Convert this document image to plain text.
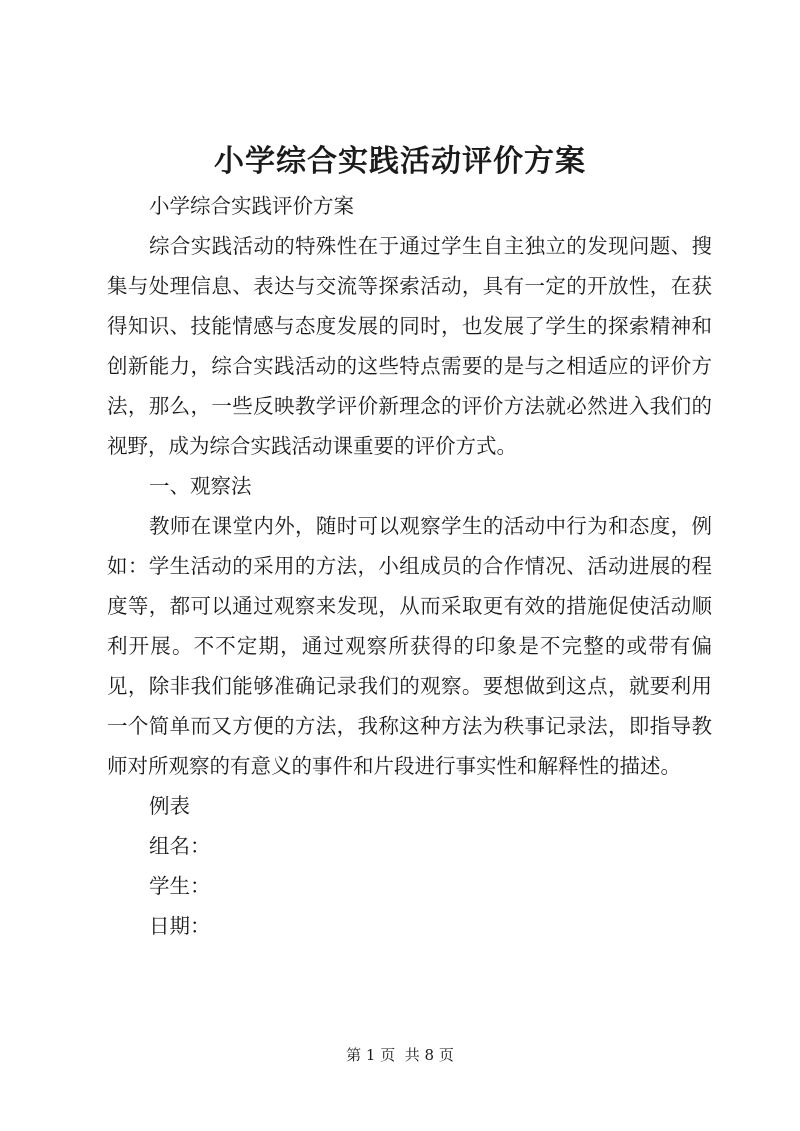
小学综合实践活动评价方案

小学综合实践评价方案

综合实践活动的特殊性在于通过学生自主独立的发现问题、搜集与处理信息、表达与交流等探索活动，具有一定的开放性，在获得知识、技能情感与态度发展的同时，也发展了学生的探索精神和创新能力，综合实践活动的这些特点需要的是与之相适应的评价方法，那么，一些反映教学评价新理念的评价方法就必然进入我们的视野，成为综合实践活动课重要的评价方式。

一、观察法

教师在课堂内外，随时可以观察学生的活动中行为和态度，例如：学生活动的采用的方法，小组成员的合作情况、活动进展的程度等，都可以通过观察来发现，从而采取更有效的措施促使活动顺利开展。不不定期，通过观察所获得的印象是不完整的或带有偏见，除非我们能够准确记录我们的观察。要想做到这点，就要利用一个简单而又方便的方法，我称这种方法为秩事记录法，即指导教师对所观察的有意义的事件和片段进行事实性和解释性的描述。

例表

组名：

学生：

日期：

第 1 页  共 8 页
